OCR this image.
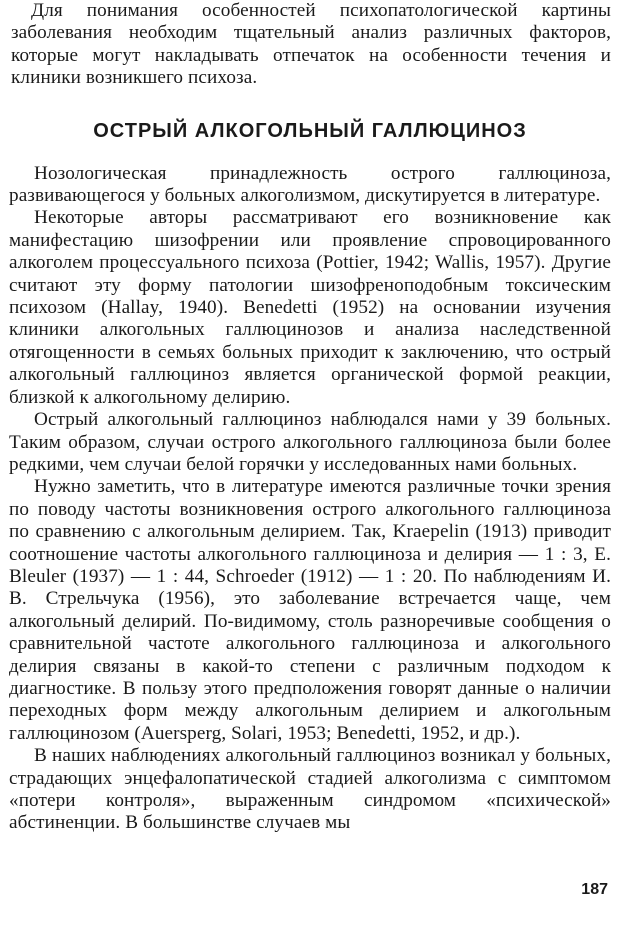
Для понимания особенностей психопатологической картины заболевания необходим тщательный анализ различных факторов, которые могут накладывать отпечаток на особенности течения и клиники возникшего психоза.

ОСТРЫЙ АЛКОГОЛЬНЫЙ ГАЛЛЮЦИНОЗ

Нозологическая принадлежность острого галлюциноза, развивающегося у больных алкоголизмом, дискутируется в литературе.

Некоторые авторы рассматривают его возникновение как манифестацию шизофрении или проявление спровоцированного алкоголем процессуального психоза (Pottier, 1942; Wallis, 1957). Другие считают эту форму патологии шизофреноподобным токсическим психозом (Hallay, 1940). Benedetti (1952) на основании изучения клиники алкогольных галлюцинозов и анализа наследственной отягощенности в семьях больных приходит к заключению, что острый алкогольный галлюциноз является органической формой реакции, близкой к алкогольному делирию.

Острый алкогольный галлюциноз наблюдался нами у 39 больных. Таким образом, случаи острого алкогольного галлюциноза были более редкими, чем случаи белой горячки у исследованных нами больных.

Нужно заметить, что в литературе имеются различные точки зрения по поводу частоты возникновения острого алкогольного галлюциноза по сравнению с алкогольным делирием. Так, Kraepelin (1913) приводит соотношение частоты алкогольного галлюциноза и делирия — 1 : 3, E. Bleuler (1937) — 1 : 44, Schroeder (1912) — 1 : 20. По наблюдениям И. В. Стрельчука (1956), это заболевание встречается чаще, чем алкогольный делирий. По-видимому, столь разноречивые сообщения о сравнительной частоте алкогольного галлюциноза и алкогольного делирия связаны в какой-то степени с различным подходом к диагностике. В пользу этого предположения говорят данные о наличии переходных форм между алкогольным делирием и алкогольным галлюцинозом (Auersperg, Solari, 1953; Benedetti, 1952, и др.).

В наших наблюдениях алкогольный галлюциноз возникал у больных, страдающих энцефалопатической стадией алкоголизма с симптомом «потери контроля», выраженным синдромом «психической» абстиненции. В большинстве случаев мы

187
